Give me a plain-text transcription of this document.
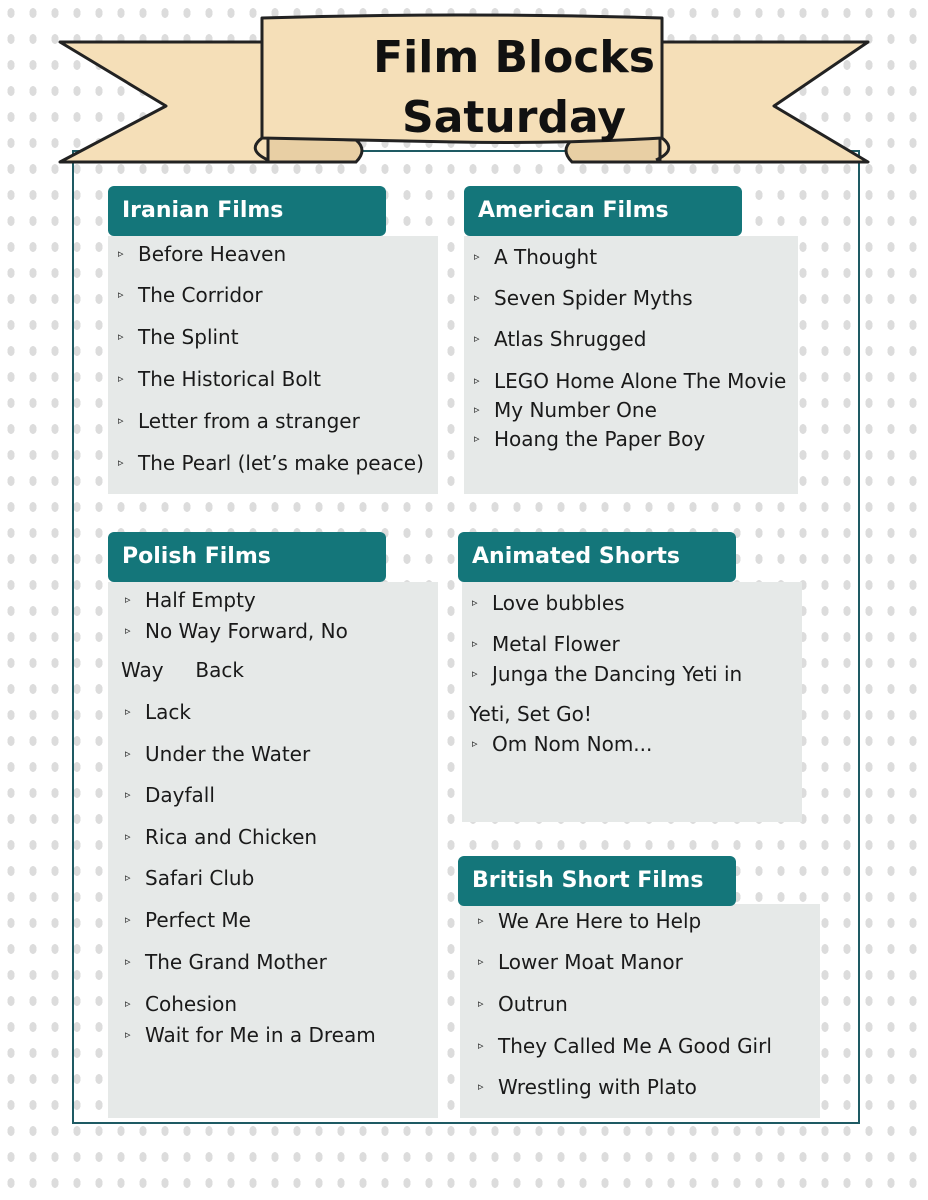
Film Blocks
Saturday
Iranian Films
▹ Before Heaven
▹ The Corridor
▹ The Splint
▹ The Historical Bolt
▹ Letter from a stranger
▹ The Pearl (let’s make peace)
American Films
▹ A Thought
▹ Seven Spider Myths
▹ Atlas Shrugged
▹ LEGO Home Alone The Movie
▹ My Number One
▹ Hoang the Paper Boy
Polish Films
▹ Half Empty
▹ No Way Forward, No
Way     Back
▹ Lack
▹ Under the Water
▹ Dayfall
▹ Rica and Chicken
▹ Safari Club
▹ Perfect Me
▹ The Grand Mother
▹ Cohesion
▹ Wait for Me in a Dream
Animated Shorts
▹ Love bubbles
▹ Metal Flower
▹ Junga the Dancing Yeti in
Yeti, Set Go!
▹ Om Nom Nom...
British Short Films
▹ We Are Here to Help
▹ Lower Moat Manor
▹ Outrun
▹ They Called Me A Good Girl
▹ Wrestling with Plato
